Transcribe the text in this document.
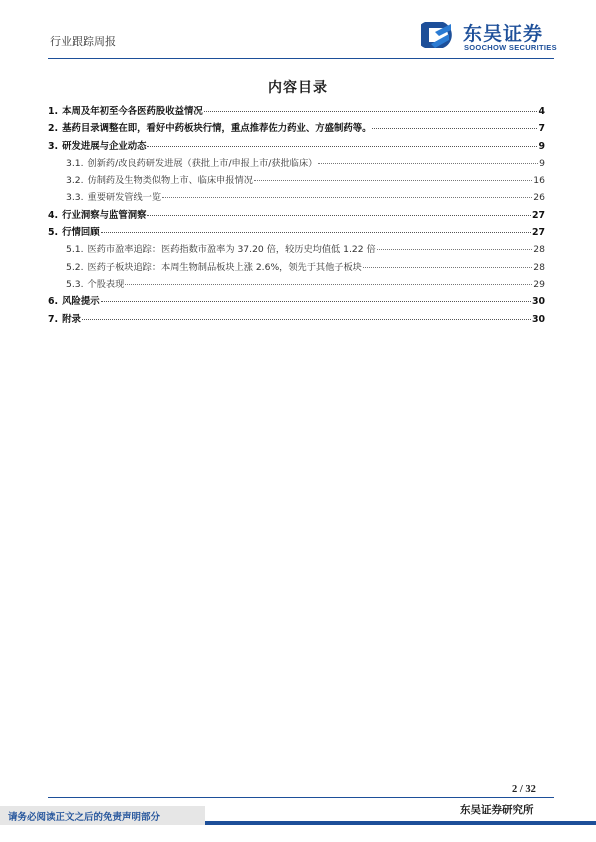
行业跟踪周报	东吴证券
SOOCHOW SECURITIES
内容目录
1. 本周及年初至今各医药股收益情况	4
2. 基药目录调整在即，看好中药板块行情，重点推荐佐力药业、方盛制药等。	7
3. 研发进展与企业动态	9
3.1. 创新药/改良药研发进展（获批上市/申报上市/获批临床）	9
3.2. 仿制药及生物类似物上市、临床申报情况	16
3.3. 重要研发管线一览	26
4. 行业洞察与监管洞察	27
5. 行情回顾	27
5.1. 医药市盈率追踪：医药指数市盈率为 37.20 倍，较历史均值低 1.22 倍	28
5.2. 医药子板块追踪：本周生物制品板块上涨 2.6%，领先于其他子板块	28
5.3. 个股表现	29
6. 风险提示	30
7. 附录	30
2 / 32
东吴证券研究所
请务必阅读正文之后的免责声明部分
